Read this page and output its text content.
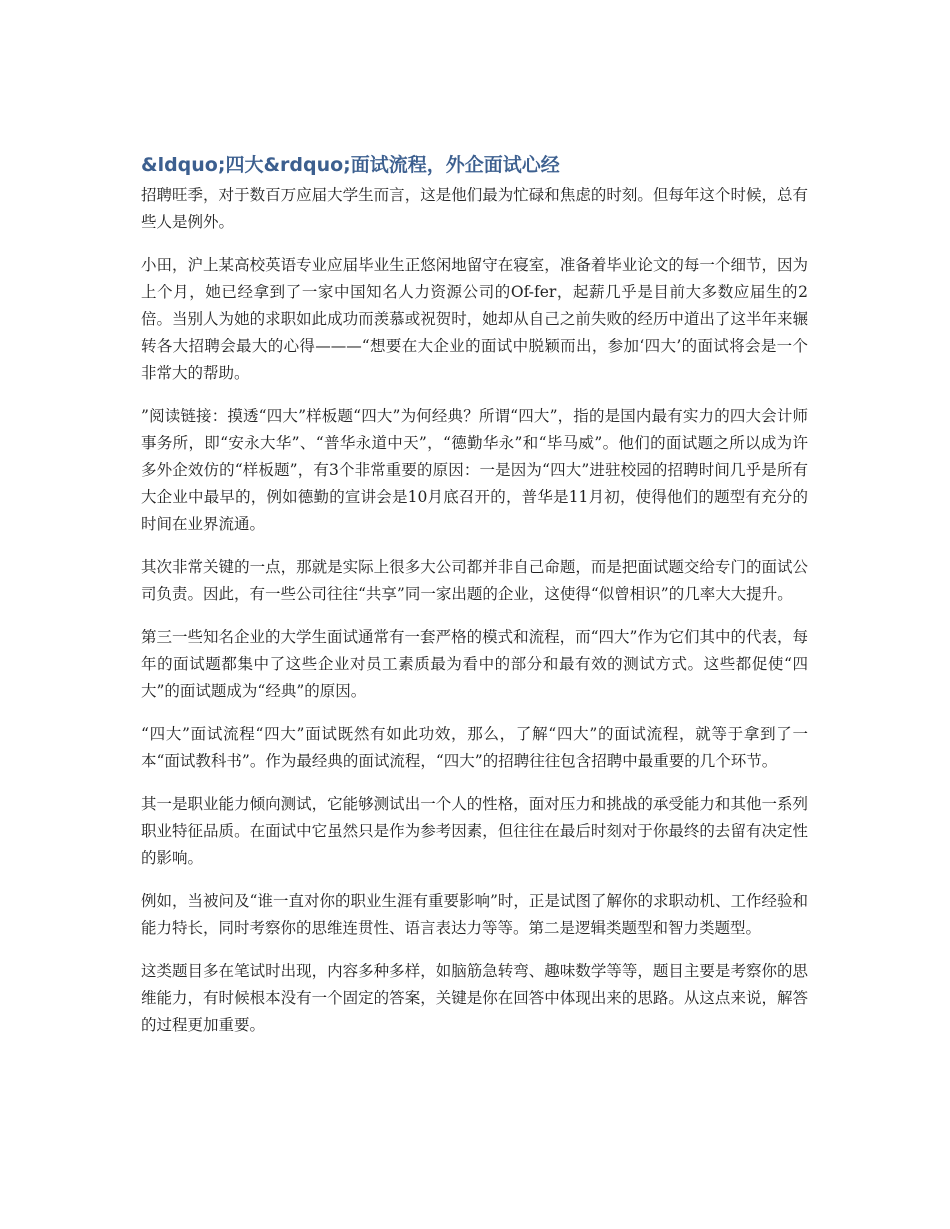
&ldquo;四大&rdquo;面试流程，外企面试心经

招聘旺季，对于数百万应届大学生而言，这是他们最为忙碌和焦虑的时刻。但每年这个时候，总有些人是例外。

小田，沪上某高校英语专业应届毕业生正悠闲地留守在寝室，准备着毕业论文的每一个细节，因为上个月，她已经拿到了一家中国知名人力资源公司的Of-fer，起薪几乎是目前大多数应届生的2倍。当别人为她的求职如此成功而羡慕或祝贺时，她却从自己之前失败的经历中道出了这半年来辗转各大招聘会最大的心得———“想要在大企业的面试中脱颖而出，参加‘四大’的面试将会是一个非常大的帮助。

”阅读链接：摸透“四大”样板题“四大”为何经典？所谓“四大”，指的是国内最有实力的四大会计师事务所，即“安永大华”、“普华永道中天”，“德勤华永”和“毕马威”。他们的面试题之所以成为许多外企效仿的“样板题”，有3个非常重要的原因：一是因为“四大”进驻校园的招聘时间几乎是所有大企业中最早的，例如德勤的宣讲会是10月底召开的，普华是11月初，使得他们的题型有充分的时间在业界流通。

其次非常关键的一点，那就是实际上很多大公司都并非自己命题，而是把面试题交给专门的面试公司负责。因此，有一些公司往往“共享”同一家出题的企业，这使得“似曾相识”的几率大大提升。

第三一些知名企业的大学生面试通常有一套严格的模式和流程，而“四大”作为它们其中的代表，每年的面试题都集中了这些企业对员工素质最为看中的部分和最有效的测试方式。这些都促使“四大”的面试题成为“经典”的原因。

“四大”面试流程“四大”面试既然有如此功效，那么，了解“四大”的面试流程，就等于拿到了一本“面试教科书”。作为最经典的面试流程，“四大”的招聘往往包含招聘中最重要的几个环节。

其一是职业能力倾向测试，它能够测试出一个人的性格，面对压力和挑战的承受能力和其他一系列职业特征品质。在面试中它虽然只是作为参考因素，但往往在最后时刻对于你最终的去留有决定性的影响。

例如，当被问及“谁一直对你的职业生涯有重要影响”时，正是试图了解你的求职动机、工作经验和能力特长，同时考察你的思维连贯性、语言表达力等等。第二是逻辑类题型和智力类题型。

这类题目多在笔试时出现，内容多种多样，如脑筋急转弯、趣味数学等等，题目主要是考察你的思维能力，有时候根本没有一个固定的答案，关键是你在回答中体现出来的思路。从这点来说，解答的过程更加重要。
